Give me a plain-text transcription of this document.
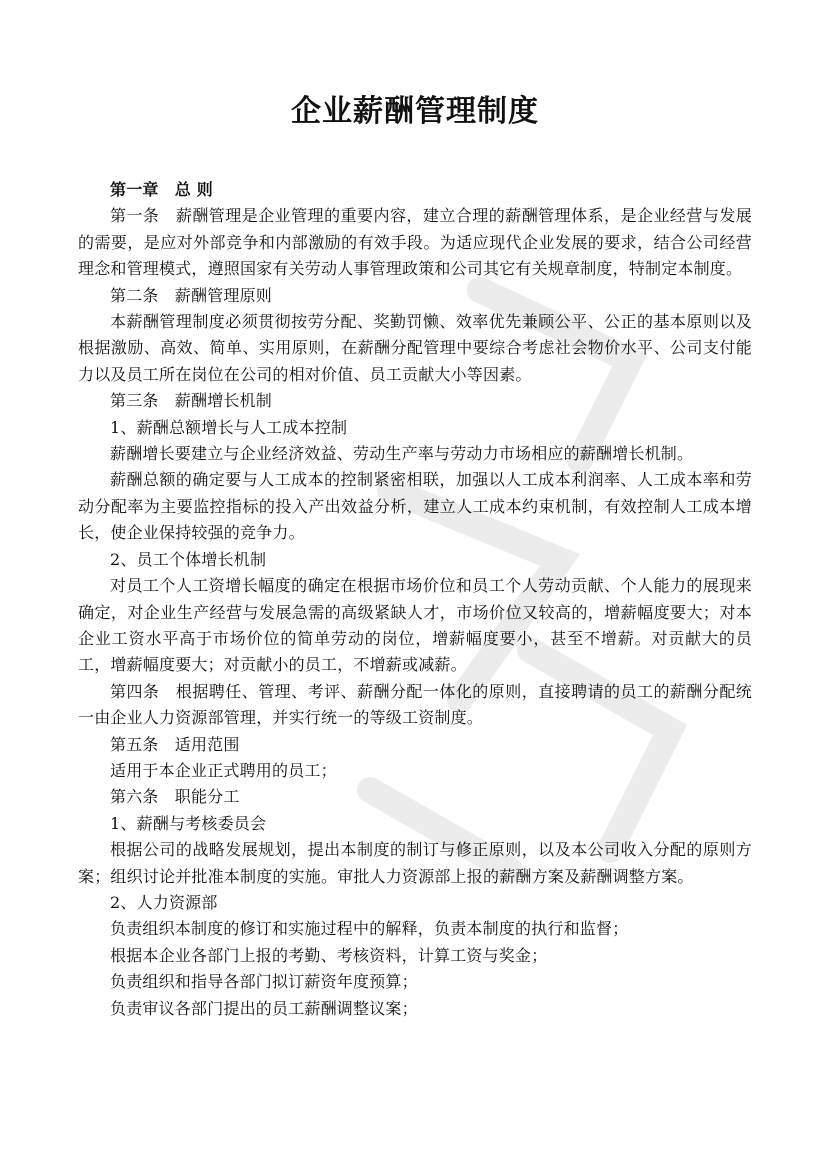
企业薪酬管理制度

第一章　总 则

第一条　薪酬管理是企业管理的重要内容，建立合理的薪酬管理体系，是企业经营与发展的需要，是应对外部竞争和内部激励的有效手段。为适应现代企业发展的要求，结合公司经营理念和管理模式，遵照国家有关劳动人事管理政策和公司其它有关规章制度，特制定本制度。

第二条　薪酬管理原则

本薪酬管理制度必须贯彻按劳分配、奖勤罚懒、效率优先兼顾公平、公正的基本原则以及根据激励、高效、简单、实用原则，在薪酬分配管理中要综合考虑社会物价水平、公司支付能力以及员工所在岗位在公司的相对价值、员工贡献大小等因素。

第三条　薪酬增长机制

1、薪酬总额增长与人工成本控制

薪酬增长要建立与企业经济效益、劳动生产率与劳动力市场相应的薪酬增长机制。

薪酬总额的确定要与人工成本的控制紧密相联，加强以人工成本利润率、人工成本率和劳动分配率为主要监控指标的投入产出效益分析，建立人工成本约束机制，有效控制人工成本增长，使企业保持较强的竞争力。

2、员工个体增长机制

对员工个人工资增长幅度的确定在根据市场价位和员工个人劳动贡献、个人能力的展现来确定，对企业生产经营与发展急需的高级紧缺人才，市场价位又较高的，增薪幅度要大；对本企业工资水平高于市场价位的简单劳动的岗位，增薪幅度要小，甚至不增薪。对贡献大的员工，增薪幅度要大；对贡献小的员工，不增薪或减薪。

第四条　根据聘任、管理、考评、薪酬分配一体化的原则，直接聘请的员工的薪酬分配统一由企业人力资源部管理，并实行统一的等级工资制度。

第五条　适用范围

适用于本企业正式聘用的员工；

第六条　职能分工

1、薪酬与考核委员会

根据公司的战略发展规划，提出本制度的制订与修正原则，以及本公司收入分配的原则方案；组织讨论并批准本制度的实施。审批人力资源部上报的薪酬方案及薪酬调整方案。

2、人力资源部

负责组织本制度的修订和实施过程中的解释，负责本制度的执行和监督；

根据本企业各部门上报的考勤、考核资料，计算工资与奖金；

负责组织和指导各部门拟订薪资年度预算；

负责审议各部门提出的员工薪酬调整议案；
